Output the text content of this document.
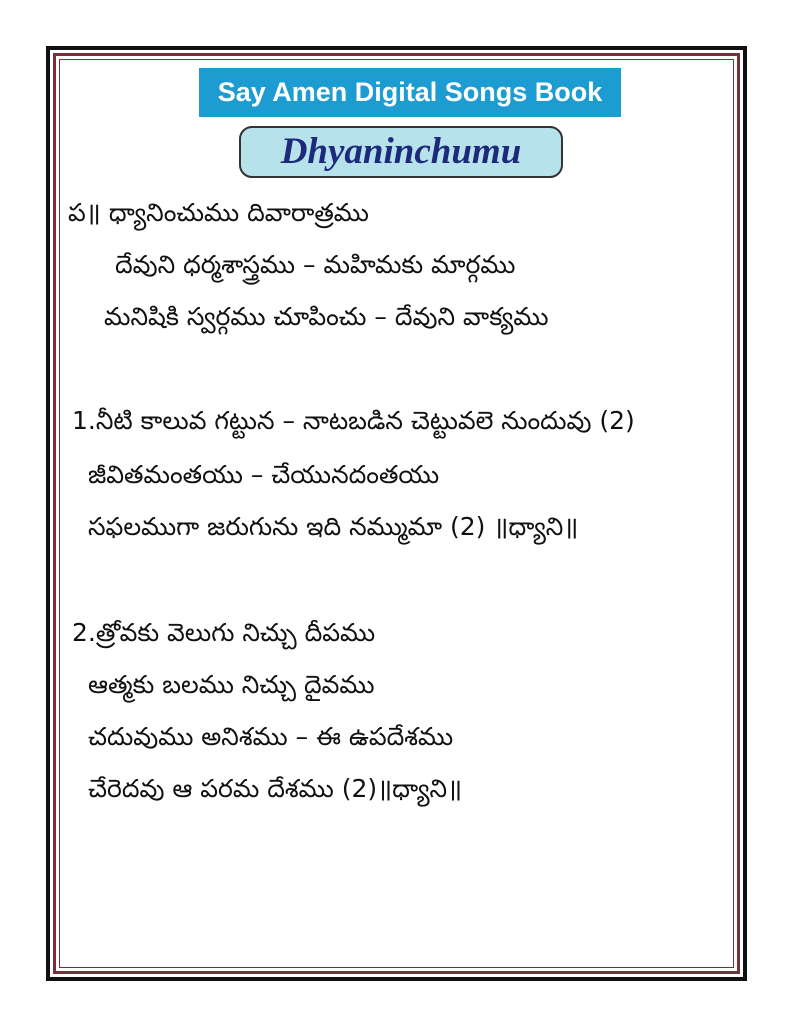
Say Amen Digital Songs Book
Dhyaninchumu
ప॥ ధ్యానించుము దివారాత్రము
దేవుని ధర్మశాస్త్రము – మహిమకు మార్గము
మనిషికి స్వర్గము చూపించు – దేవుని వాక్యము
1.నీటి కాలువ గట్టున – నాటబడిన చెట్టువలె నుందువు (2)
జీవితమంతయు – చేయునదంతయు
సఫలముగా జరుగును ఇది నమ్ముమా (2) ॥ధ్యాని॥
2.త్రోవకు వెలుగు నిచ్చు దీపము
ఆత్మకు బలము నిచ్చు దైవము
చదువుము అనిశము – ఈ ఉపదేశము
చేరెదవు ఆ పరమ దేశము (2)॥ధ్యాని॥
